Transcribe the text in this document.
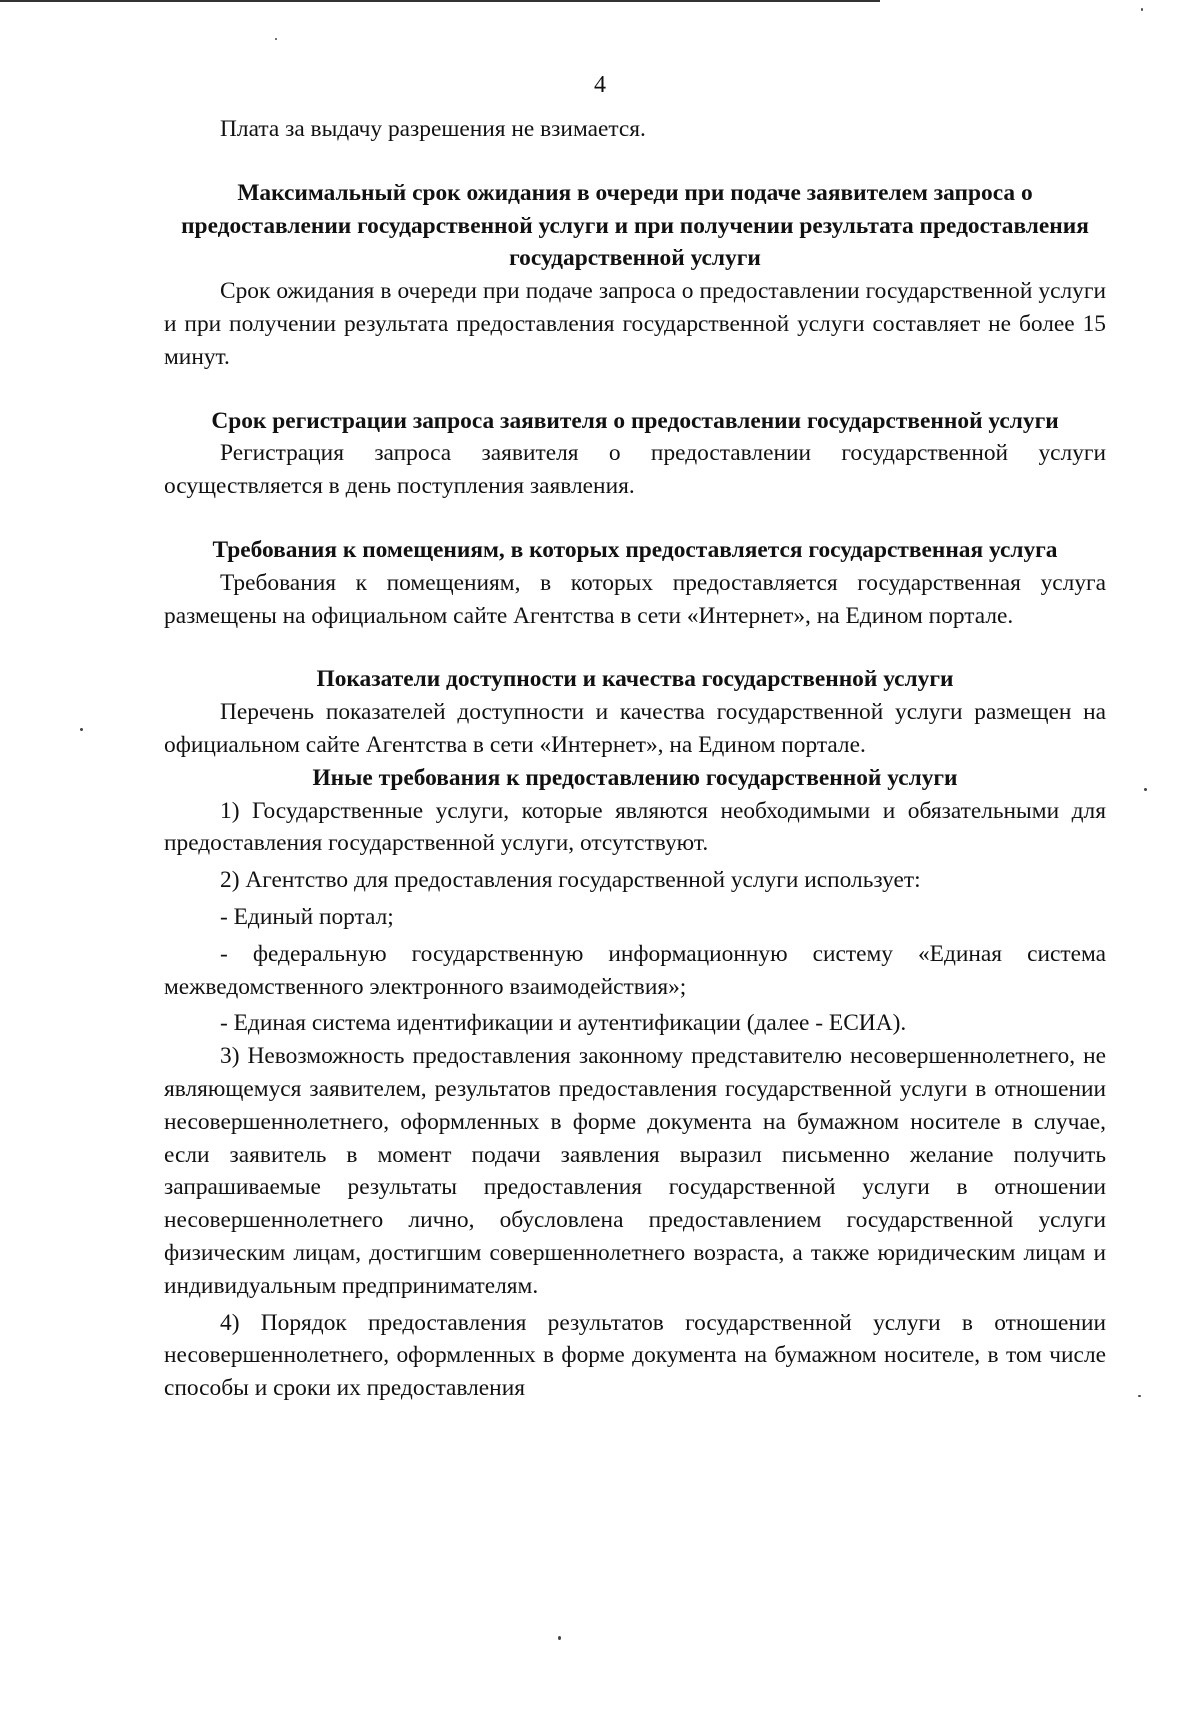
4

Плата за выдачу разрешения не взимается.

Максимальный срок ожидания в очереди при подаче заявителем запроса о предоставлении государственной услуги и при получении результата предоставления государственной услуги

Срок ожидания в очереди при подаче запроса о предоставлении государственной услуги и при получении результата предоставления государственной услуги составляет не более 15 минут.

Срок регистрации запроса заявителя о предоставлении государственной услуги

Регистрация запроса заявителя о предоставлении государственной услуги осуществляется в день поступления заявления.

Требования к помещениям, в которых предоставляется государственная услуга

Требования к помещениям, в которых предоставляется государственная услуга размещены на официальном сайте Агентства в сети «Интернет», на Едином портале.

Показатели доступности и качества государственной услуги

Перечень показателей доступности и качества государственной услуги размещен на официальном сайте Агентства в сети «Интернет», на Едином портале.

Иные требования к предоставлению государственной услуги

1) Государственные услуги, которые являются необходимыми и обязательными для предоставления государственной услуги, отсутствуют.

2) Агентство для предоставления государственной услуги использует:

- Единый портал;

- федеральную государственную информационную систему «Единая система межведомственного электронного взаимодействия»;

- Единая система идентификации и аутентификации (далее - ЕСИА).

3) Невозможность предоставления законному представителю несовершеннолетнего, не являющемуся заявителем, результатов предоставления государственной услуги в отношении несовершеннолетнего, оформленных в форме документа на бумажном носителе в случае, если заявитель в момент подачи заявления выразил письменно желание получить запрашиваемые результаты предоставления государственной услуги в отношении несовершеннолетнего лично, обусловлена предоставлением государственной услуги физическим лицам, достигшим совершеннолетнего возраста, а также юридическим лицам и индивидуальным предпринимателям.

4) Порядок предоставления результатов государственной услуги в отношении несовершеннолетнего, оформленных в форме документа на бумажном носителе, в том числе способы и сроки их предоставления
